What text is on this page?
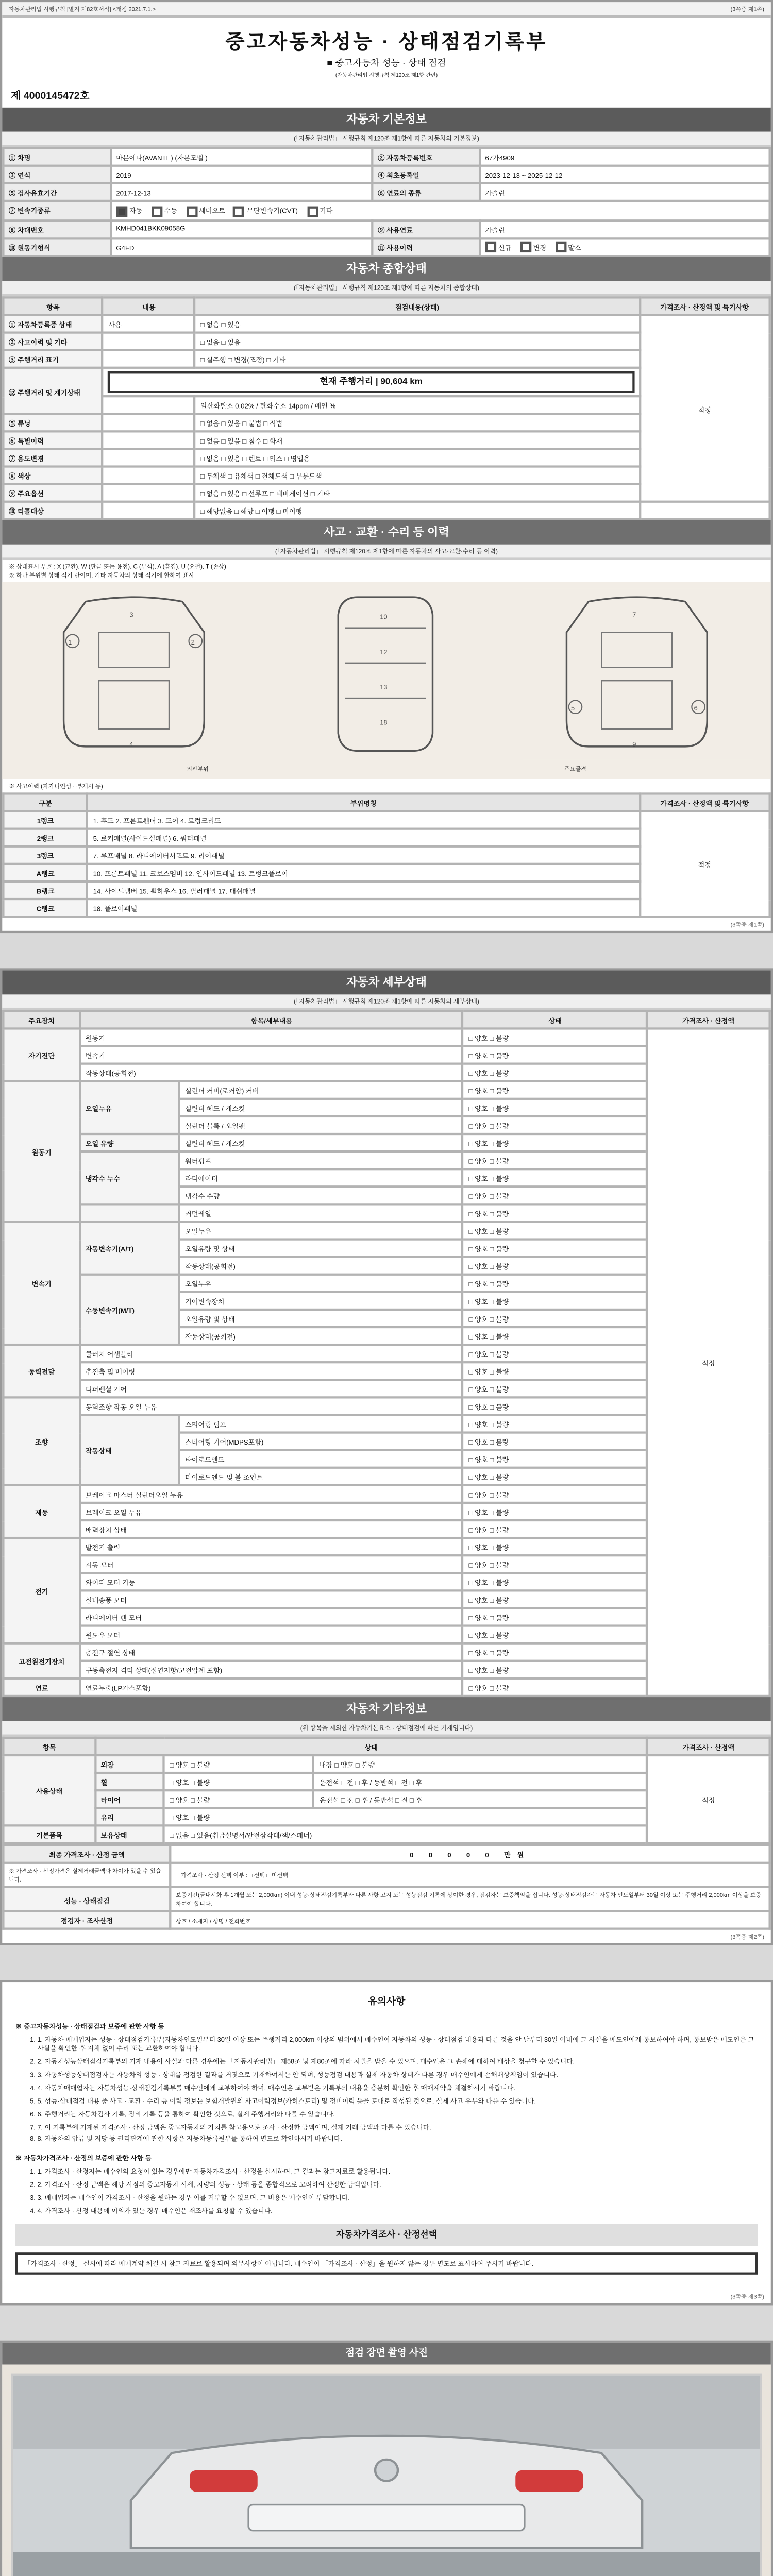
자동차관리법 시행규칙 [별지 제82호서식] <개정 2021.7.1.>	(3쪽중 제1쪽)
중고자동차성능 · 상태점검기록부
■ 중고자동차 성능 · 상태 점검
(자동차관리법 시행규칙 제120조 제1항 관련)
제 4000145472호
자동차 기본정보
(「자동차관리법」 시행규칙 제120조 제1항에 따른 자동차의 기본정보)
① 차명	마몬에나(AVANTE) (자본모델 )	② 자동차등록번호	67가4909
③ 연식	2019	④ 최초등록일	2023-12-13 ~ 2025-12-12
⑤ 검사유효기간	2017-12-13	⑥ 연료의 종류	가솔린
⑦ 변속기종류	자동 수동 세미오토 무단변속기(CVT) 기타		
⑧ 차대번호	KMHD041BKK09058G	⑨ 사용연료	가솔린
⑩ 원동기형식	G4FD	⑪ 사용이력	신규 변경 말소
자동차 종합상태
(「자동차관리법」 시행규칙 제120조 제1항에 따른 자동차의 종합상태)
항목	내용	점검내용(상태)	가격조사 · 산정액 및 특기사항
① 자동차등록증 상태	사용	□ 없음 □ 있음	적정
② 사고이력 및 기타		□ 없음 □ 있음	
③ 주행거리 표기		□ 실주행 □ 변경(조정) □ 기타	
⑫ 주행거리 및 계기상태	현재 주행거리 | 90,604 km		

		일산화탄소 0.02% / 탄화수소 14ppm / 매연 %	
⑤ 튜닝		□ 없음 □ 있음 □ 불법 □ 적법	
⑥ 특별이력		□ 없음 □ 있음 □ 침수 □ 화재	
⑦ 용도변경		□ 없음 □ 있음 □ 렌트 □ 리스 □ 영업용	
⑧ 색상		□ 무채색 □ 유채색 □ 전체도색 □ 부분도색	
⑨ 주요옵션		□ 없음 □ 있음 □ 선루프 □ 네비게이션 □ 기타	
⑩ 리콜대상		□ 해당없음 □ 해당 □ 이행 □ 미이행	
사고 · 교환 · 수리 등 이력
(「자동차관리법」 시행규칙 제120조 제1항에 따른 자동차의 사고·교환·수리 등 이력)
※ 상태표시 부호 : X (교환), W (판금 또는 용접), C (부식), A (흠집), U (요철), T (손상)
※ 하단 부위별 상태 적기 란이며, 기타 자동차의 상태 적기에 한하여 표시
1	2
3
4
10
12
13
18
5	6
7
9
외판부위	주요골격
※ 사고이력 (자가니언성 · 부재시 등)
구분	부위명칭	가격조사 · 산정액 및 특기사항
1랭크	1. 후드 2. 프론트휀더 3. 도어 4. 트렁크리드	적정
2랭크	5. 로커패널(사이드실패널) 6. 쿼터패널	
3랭크	7. 루프패널 8. 라디에이터서포트 9. 리어패널	
A랭크	10. 프론트패널 11. 크로스멤버 12. 인사이드패널 13. 트렁크플로어	
B랭크	14. 사이드멤버 15. 휠하우스 16. 필러패널 17. 대쉬패널	
C랭크	18. 플로어패널	
(3쪽중 제1쪽)
자동차 세부상태
(「자동차관리법」 시행규칙 제120조 제1항에 따른 자동차의 세부상태)
주요장치	항목/세부내용		상태	가격조사 · 산정액
자기진단	원동기		□ 양호 □ 불량	적정
	변속기		□ 양호 □ 불량	
	작동상태(공회전)		□ 양호 □ 불량	
원동기	오일누유	실린더 커버(로커암) 커버	□ 양호 □ 불량	
		실린더 헤드 / 개스킷	□ 양호 □ 불량	
		실린더 블록 / 오일팬	□ 양호 □ 불량	
	오일 유량	실린더 헤드 / 개스킷	□ 양호 □ 불량	
	냉각수 누수	워터펌프	□ 양호 □ 불량	
		라디에이터	□ 양호 □ 불량	
		냉각수 수량	□ 양호 □ 불량	
		커먼레일	□ 양호 □ 불량	
변속기	자동변속기(A/T)	오일누유	□ 양호 □ 불량	
		오일유량 및 상태	□ 양호 □ 불량	
		작동상태(공회전)	□ 양호 □ 불량	
	수동변속기(M/T)	오일누유	□ 양호 □ 불량	
		기어변속장치	□ 양호 □ 불량	
		오일유량 및 상태	□ 양호 □ 불량	
		작동상태(공회전)	□ 양호 □ 불량	
동력전달	클러치 어셈블리		□ 양호 □ 불량	
	추진축 및 베어링		□ 양호 □ 불량	
	디퍼렌셜 기어		□ 양호 □ 불량	
조향	동력조향 작동 오일 누유		□ 양호 □ 불량	
	작동상태	스티어링 펌프	□ 양호 □ 불량	
		스티어링 기어(MDPS포함)	□ 양호 □ 불량	
		타이로드엔드	□ 양호 □ 불량	
		타이로드엔드 및 볼 조인트	□ 양호 □ 불량	
제동	브레이크 마스터 실린더오일 누유		□ 양호 □ 불량	
	브레이크 오일 누유		□ 양호 □ 불량	
	배력장치 상태		□ 양호 □ 불량	
전기	발전기 출력		□ 양호 □ 불량	
	시동 모터		□ 양호 □ 불량	
	와이퍼 모터 기능		□ 양호 □ 불량	
	실내송풍 모터		□ 양호 □ 불량	
	라디에이터 팬 모터		□ 양호 □ 불량	
	윈도우 모터		□ 양호 □ 불량	
고전원전기장치	충전구 절연 상태		□ 양호 □ 불량	
	구동축전지 격리 상태(절연저항/고전압계 포함)		□ 양호 □ 불량	
연료	연료누출(LP가스포함)		□ 양호 □ 불량	
자동차 기타정보
(위 항목을 제외한 자동차기본요소 · 상태점검에 따른 기재임니다)
항목	상태			가격조사 · 산정액
사용상태	외장	□ 양호 □ 불량	내장 □ 양호 □ 불량	적정
	휠	□ 양호 □ 불량	운전석 □ 전 □ 후 / 동반석 □ 전 □ 후	
	타이어	□ 양호 □ 불량	운전석 □ 전 □ 후 / 동반석 □ 전 □ 후	
	유리	□ 양호 □ 불량		
기본품목	보유상태	□ 없음 □ 있음(취급설명서/안전삼각대/잭/스패너)		
최종 가격조사 · 산정 금액	0 0 0 0 0 만원
※ 가격조사 · 산정가격은 실제거래금액과 차이가 있을 수 있습니다.	□ 가격조사 · 산정 선택 여부 : □ 선택 □ 미선택
성능 · 상태점검	보증기간(금내시화 후 1개월 또는 2,000km) 이내 성능·상태점검기록부와 다른 사항 고지 또는 성능점검 기록에 상이한 경우, 점검자는 보증책임을 집니다. 성능·상태점검자는 자동차 인도일부터 30일 이상 또는 주행거리 2,000km 이상을 보증하여야 합니다.
점검자 · 조사산정	상호 / 소재지 / 성명 / 전화번호
(3쪽중 제2쪽)
유의사항

※ 중고자동차성능 · 상태점검과 보증에 관한 사항 등

1. 1. 자동차 매매업자는 성능 · 상태점검기록부(자동차인도일부터 30일 이상 또는 주행거리 2,000km 이상의 범위에서 매수인이 자동차의 성능 · 상태점검 내용과 다른 것을 안 날부터 30일 이내에 그 사실을 매도인에게 통보하여야 하며, 통보받은 매도인은 그 사실을 확인한 후 지체 없이 수리 또는 교환하여야 합니다.
2. 2. 자동차성능상태점검기록부의 기재 내용이 사실과 다른 경우에는 「자동차관리법」 제58조 및 제80조에 따라 처벌을 받을 수 있으며, 매수인은 그 손해에 대하여 배상을 청구할 수 있습니다.
3. 3. 자동차성능상태점검자는 자동차의 성능 · 상태를 점검한 결과를 거짓으로 기재하여서는 안 되며, 성능점검 내용과 실제 자동차 상태가 다른 경우 매수인에게 손해배상책임이 있습니다.
4. 4. 자동차매매업자는 자동차성능·상태점검기록부를 매수인에게 교부하여야 하며, 매수인은 교부받은 기록부의 내용을 충분히 확인한 후 매매계약을 체결하시기 바랍니다.
5. 5. 성능·상태점검 내용 중 사고 · 교환 · 수리 등 이력 정보는 보험개발원의 사고이력정보(카히스토리) 및 정비이력 등을 토대로 작성된 것으로, 실제 사고 유무와 다를 수 있습니다.
6. 6. 주행거리는 자동차검사 기록, 정비 기록 등을 통하여 확인한 것으로, 실제 주행거리와 다를 수 있습니다.
7. 7. 이 기록부에 기재된 가격조사 · 산정 금액은 중고자동차의 가치를 참고용으로 조사 · 산정한 금액이며, 실제 거래 금액과 다를 수 있습니다.
8. 8. 자동차의 압류 및 저당 등 권리관계에 관한 사항은 자동차등록원부를 통하여 별도로 확인하시기 바랍니다.

※ 자동차가격조사 · 산정의 보증에 관한 사항 등

1. 1. 가격조사 · 산정자는 매수인의 요청이 있는 경우에만 자동차가격조사 · 산정을 실시하며, 그 결과는 참고자료로 활용됩니다.
2. 2. 가격조사 · 산정 금액은 해당 시점의 중고자동차 시세, 차량의 성능 · 상태 등을 종합적으로 고려하여 산정한 금액입니다.
3. 3. 매매업자는 매수인이 가격조사 · 산정을 원하는 경우 이를 거부할 수 없으며, 그 비용은 매수인이 부담합니다.
4. 4. 가격조사 · 산정 내용에 이의가 있는 경우 매수인은 재조사를 요청할 수 있습니다.
자동차가격조사 · 산정선택
「가격조사 · 산정」 실시에 따라 매매계약 체결 시 참고 자료로 활용되며 의무사항이 아닙니다. 매수인이 「가격조사 · 산정」을 원하지 않는 경우 별도로 표시하여 주시기 바랍니다.
(3쪽중 제3쪽)
점검 장면 촬영 사진
